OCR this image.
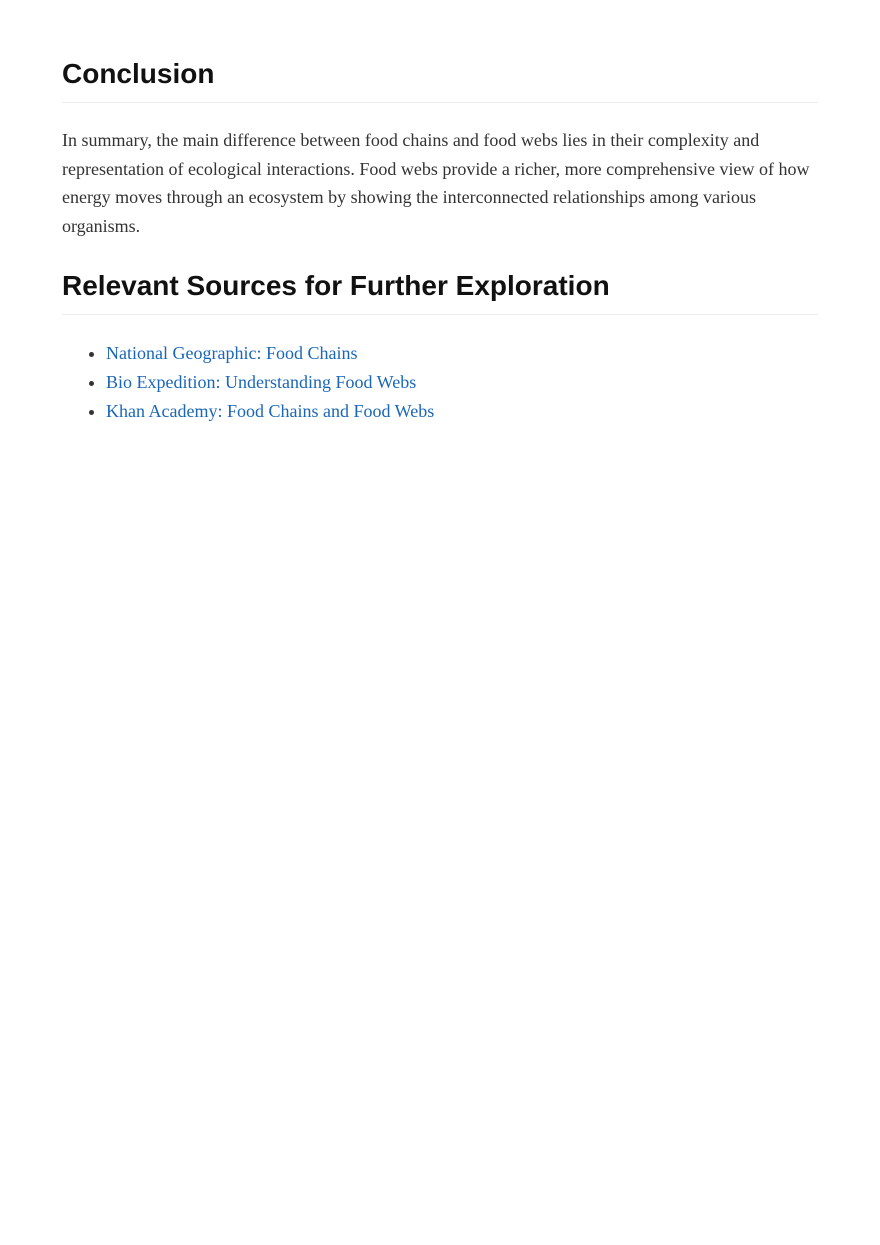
Conclusion

In summary, the main difference between food chains and food webs lies in their complexity and representation of ecological interactions. Food webs provide a richer, more comprehensive view of how energy moves through an ecosystem by showing the interconnected relationships among various organisms.

Relevant Sources for Further Exploration
• National Geographic: Food Chains
• Bio Expedition: Understanding Food Webs
• Khan Academy: Food Chains and Food Webs
